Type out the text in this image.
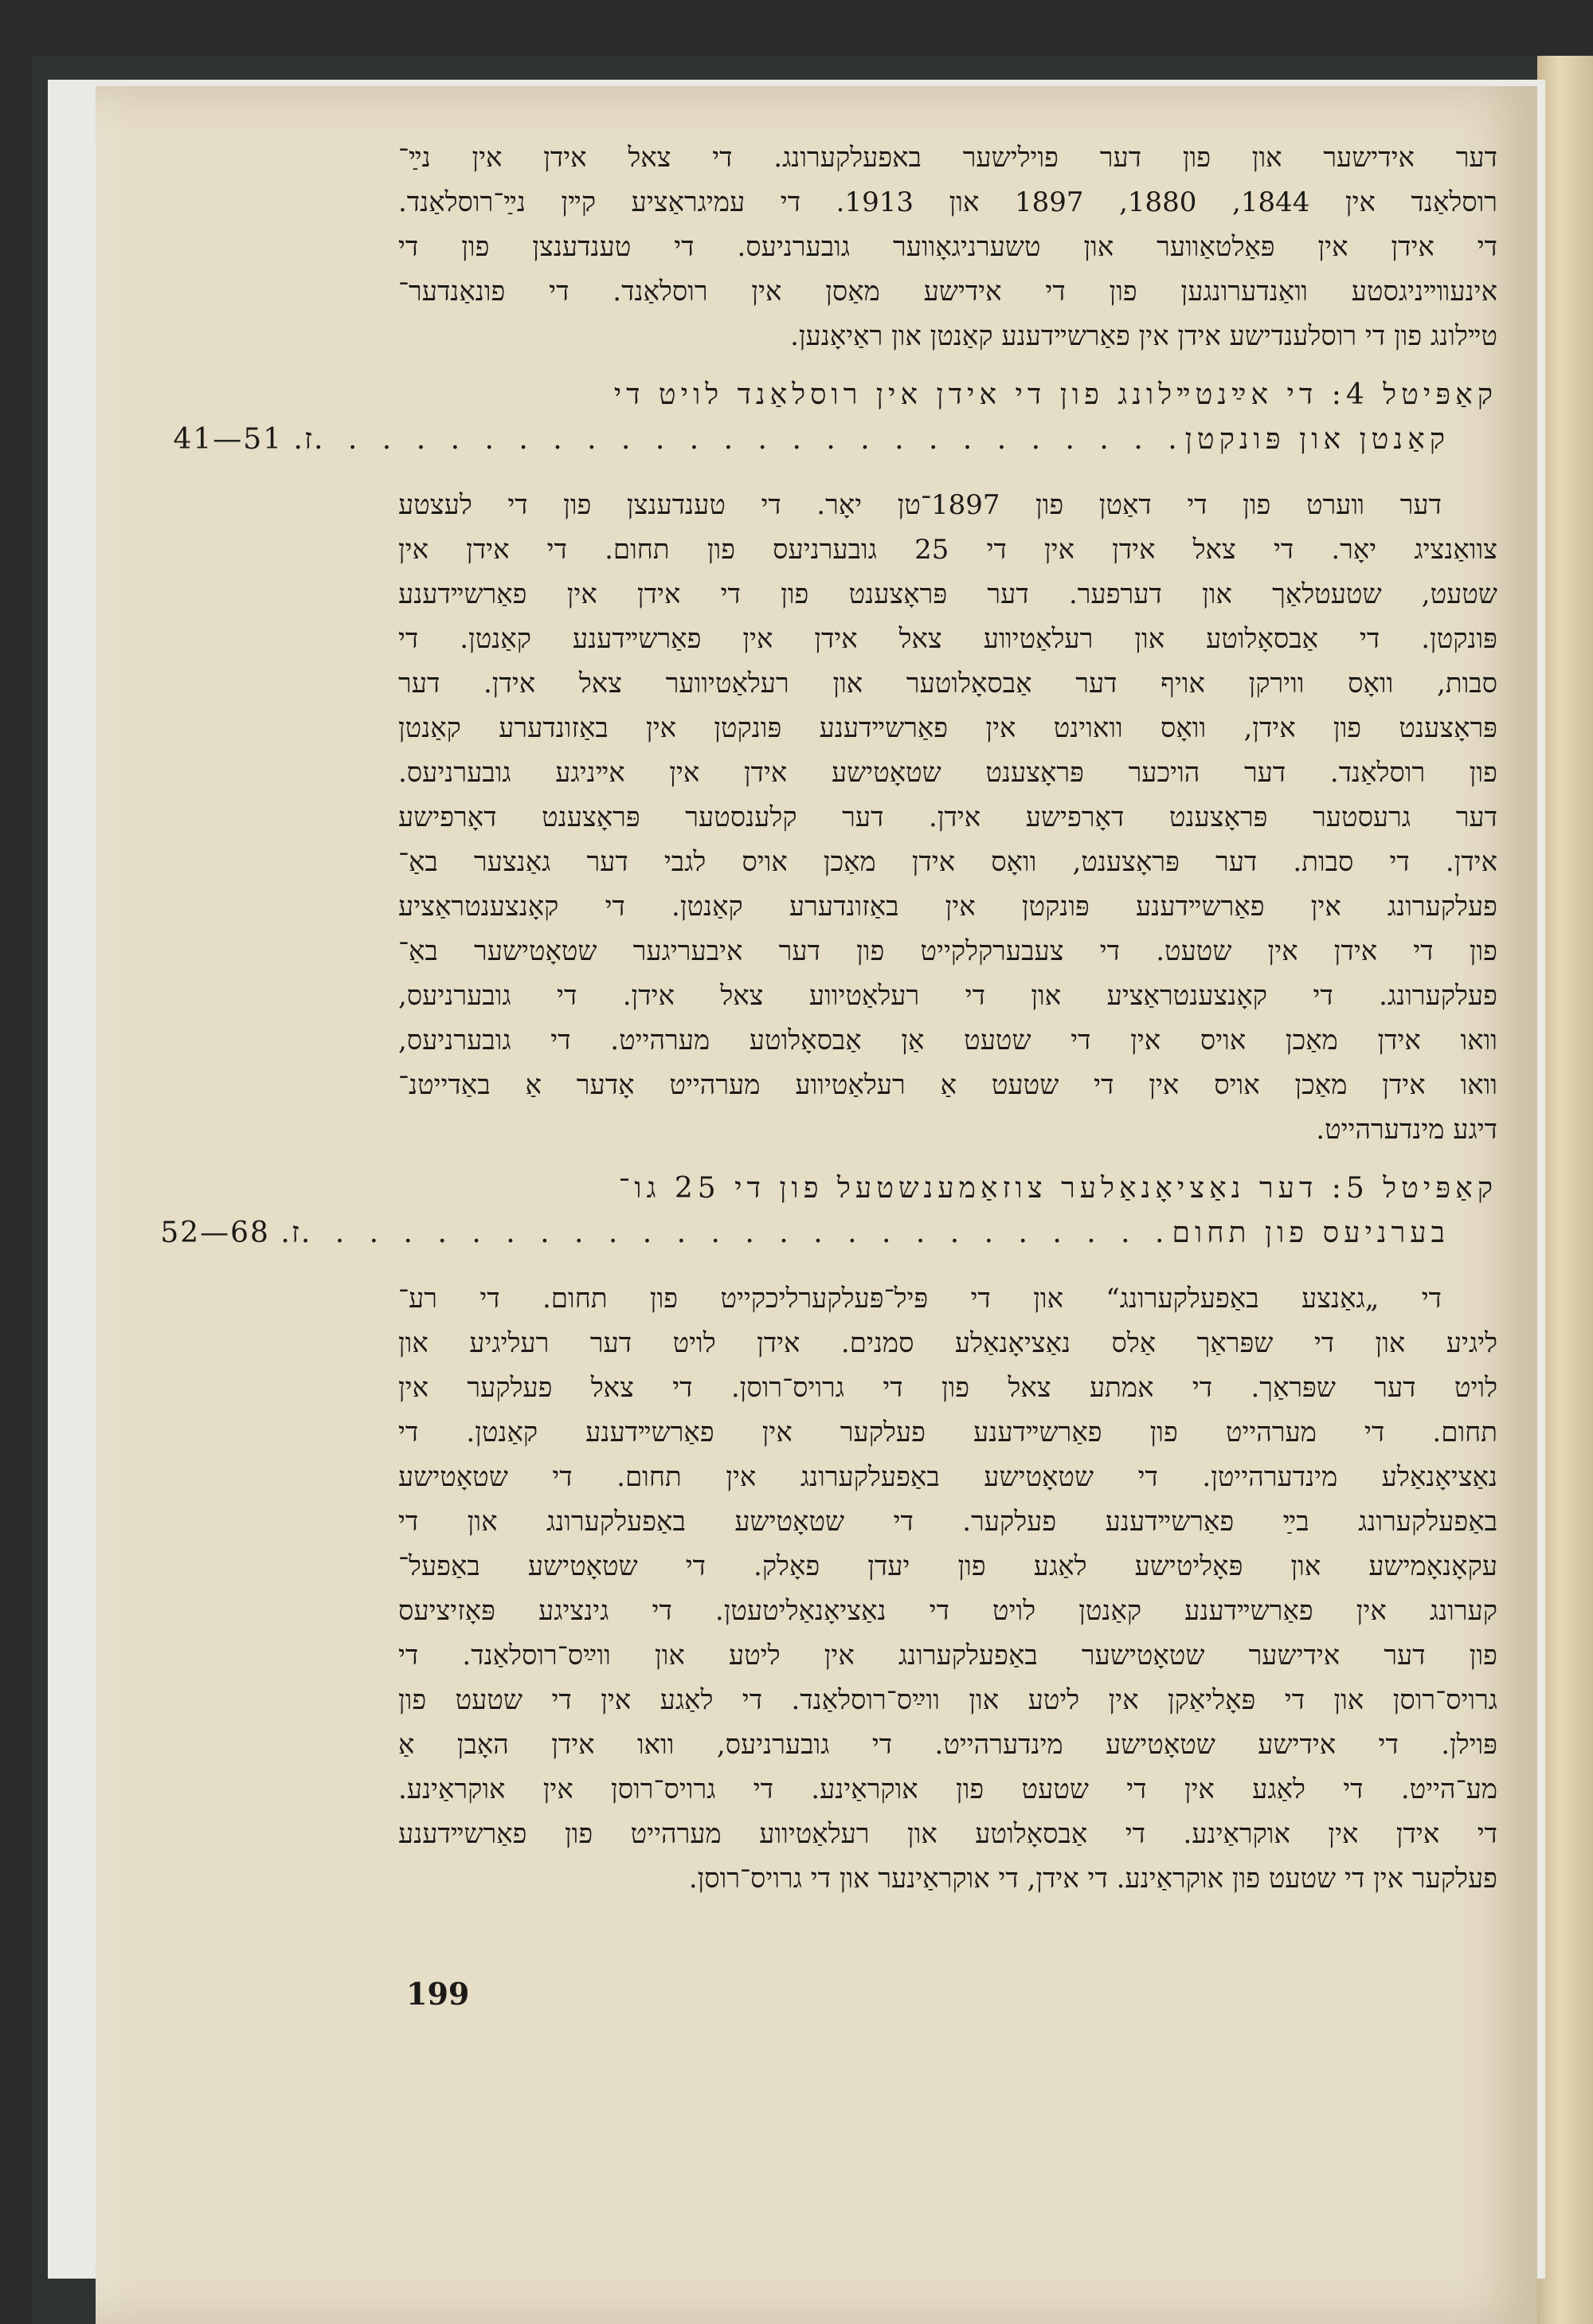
דער אידישער און פון דער פוילישער באפעלקערונג. די צאל אידן אין נײַ־
רוסלאַנד אין 1844, 1880, 1897 און 1913. די עמיגראַציע קײן נײַ־רוסלאַנד.
די אידן אין פּאַלטאַווער און טשערניגאָווער גובערניעס. די טענדענצן פון די
אינעװײניגסטע װאַנדערונגען פון די אידישע מאַסן אין רוסלאַנד. די פונאַנדער־
טײלונג פון די רוסלענדישע אידן אין פאַרשײדענע קאַנטן און ראַיאָנען.
קאַפּיטל 4: די אײַנטײלונג פון די אידן אין רוסלאַנד לויט די
קאַנטן און פּונקטן
. . . . . . . . . . . . . . . . . . . . . . . . . .
41—51 .ז
דער װערט פון די דאַטן פון 1897־טן יאָר. די טענדענצן פון די לעצטע
צוואַנציג יאָר. די צאל אידן אין די 25 גובערניעס פון תחום. די אידן אין
שטעט, שטעטלאַך און דערפער. דער פּראָצענט פון די אידן אין פאַרשײדענע
פּונקטן. די אַבסאָלוטע און רעלאַטיװע צאל אידן אין פאַרשײדענע קאַנטן. די
סבות, וואָס ווירקן אויף דער אַבסאָלוטער און רעלאַטיווער צאל אידן. דער
פּראָצענט פון אידן, וואָס וואוינט אין פאַרשײדענע פּונקטן אין באַזונדערע קאַנטן
פון רוסלאַנד. דער הויכער פּראָצענט שטאָטישע אידן אין אײניגע גובערניעס.
דער גרעסטער פּראָצענט דאָרפישע אידן. דער קלענסטער פּראָצענט דאָרפישע
אידן. די סבות. דער פּראָצענט, וואָס אידן מאַכן אויס לגבי דער גאַנצער באַ־
פעלקערונג אין פאַרשײדענע פּונקטן אין באַזונדערע קאַנטן. די קאָנצענטראַציע
פון די אידן אין שטעט. די צעבערקלקייט פון דער איבעריגער שטאָטישער באַ־
פעלקערונג. די קאָנצענטראַציע און די רעלאַטיווע צאל אידן. די גובערניעס,
וואו אידן מאַכן אויס אין די שטעט אַן אַבסאָלוטע מערהייט. די גובערניעס,
וואו אידן מאַכן אויס אין די שטעט אַ רעלאַטיווע מערהייט אָדער אַ באַדייטנ־
דיגע מינדערהייט.
קאַפּיטל 5: דער נאַציאָנאַלער צוזאַמענשטעל פון די 25 גו־
בערניעס פון תחום
. . . . . . . . . . . . . . . . . . . . . . . . . .
52—68 .ז
די „גאַנצע באַפעלקערונג“ און די פּיל־פּעלקערליכקייט פון תחום. די רע־
ליגיע און די שפּראַך אַלס נאַציאָנאַלע סמנים. אידן לויט דער רעליגיע און
לויט דער שפּראַך. די אמתע צאל פון די גרויס־רוסן. די צאל פעלקער אין
תחום. די מערהייט פון פאַרשײדענע פעלקער אין פאַרשײדענע קאַנטן. די
נאַציאָנאַלע מינדערהייטן. די שטאָטישע באַפעלקערונג אין תחום. די שטאָטישע
באַפעלקערונג בײַ פאַרשײדענע פעלקער. די שטאָטישע באַפעלקערונג און די
עקאָנאָמישע און פּאָליטישע לאַגע פון יעדן פאָלק. די שטאָטישע באַפעל־
קערונג אין פאַרשײדענע קאַנטן לויט די נאַציאָנאַליטעטן. די גינציגע פּאָזיציעס
פון דער אידישער שטאָטישער באַפעלקערונג אין ליטע און ווײַס־רוסלאַנד. די
גרויס־רוסן און די פּאָליאַקן אין ליטע און ווײַס־רוסלאַנד. די לאַגע אין די שטעט פון
פּוילן. די אידישע שטאָטישע מינדערהייט. די גובערניעס, וואו אידן האָבן אַ
מע־הייט. די לאַגע אין די שטעט פון אוקראַינע. די גרויס־רוסן אין אוקראַינע.
די אידן אין אוקראַינע. די אַבסאָלוטע און רעלאַטיווע מערהייט פון פאַרשײדענע
פעלקער אין די שטעט פון אוקראַינע. די אידן, די אוקראַינער און די גרויס־רוסן.
199
